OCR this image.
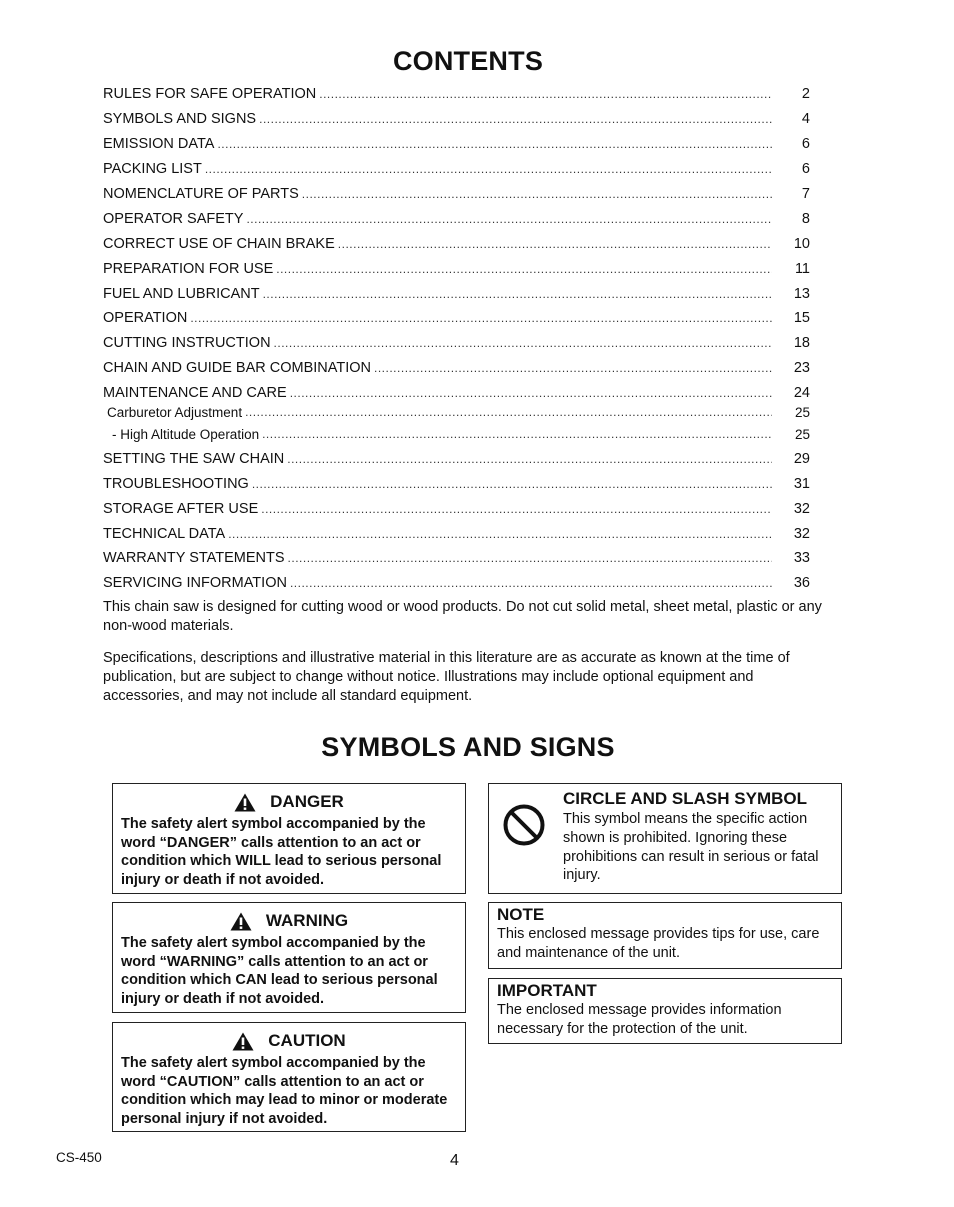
CONTENTS
RULES FOR SAFE OPERATION .....	2
SYMBOLS AND SIGNS .....	4
EMISSION DATA .....	6
PACKING LIST .....	6
NOMENCLATURE OF PARTS .....	7
OPERATOR SAFETY .....	8
CORRECT USE OF CHAIN BRAKE .....	10
PREPARATION FOR USE .....	11
FUEL AND LUBRICANT .....	13
OPERATION .....	15
CUTTING INSTRUCTION .....	18
CHAIN AND GUIDE BAR COMBINATION .....	23
MAINTENANCE AND CARE .....	24
Carburetor Adjustment .....	25
- High Altitude Operation .....	25
SETTING THE SAW CHAIN .....	29
TROUBLESHOOTING .....	31
STORAGE AFTER USE .....	32
TECHNICAL DATA .....	32
WARRANTY STATEMENTS .....	33
SERVICING INFORMATION .....	36

This chain saw is designed for cutting wood or wood products. Do not cut solid metal, sheet metal, plastic or any non-wood materials.

Specifications, descriptions and illustrative material in this literature are as accurate as known at the time of publication, but are subject to change without notice. Illustrations may include optional equipment and accessories, and may not include all standard equipment.

SYMBOLS AND SIGNS
DANGER
The safety alert symbol accompanied by the word “DANGER” calls attention to an act or condition which WILL lead to serious personal injury or death if not avoided.
WARNING
The safety alert symbol accompanied by the word “WARNING” calls attention to an act or condition which CAN lead to serious personal injury or death if not avoided.
CAUTION
The safety alert symbol accompanied by the word “CAUTION” calls attention to an act or condition which may lead to minor or moderate personal injury if not avoided.
CIRCLE AND SLASH SYMBOL
This symbol means the specific action shown is prohibited. Ignoring these prohibitions can result in serious or fatal injury.
NOTE
This enclosed message provides tips for use, care and maintenance of the unit.
IMPORTANT
The enclosed message provides information necessary for the protection of the unit.
CS-450	4
